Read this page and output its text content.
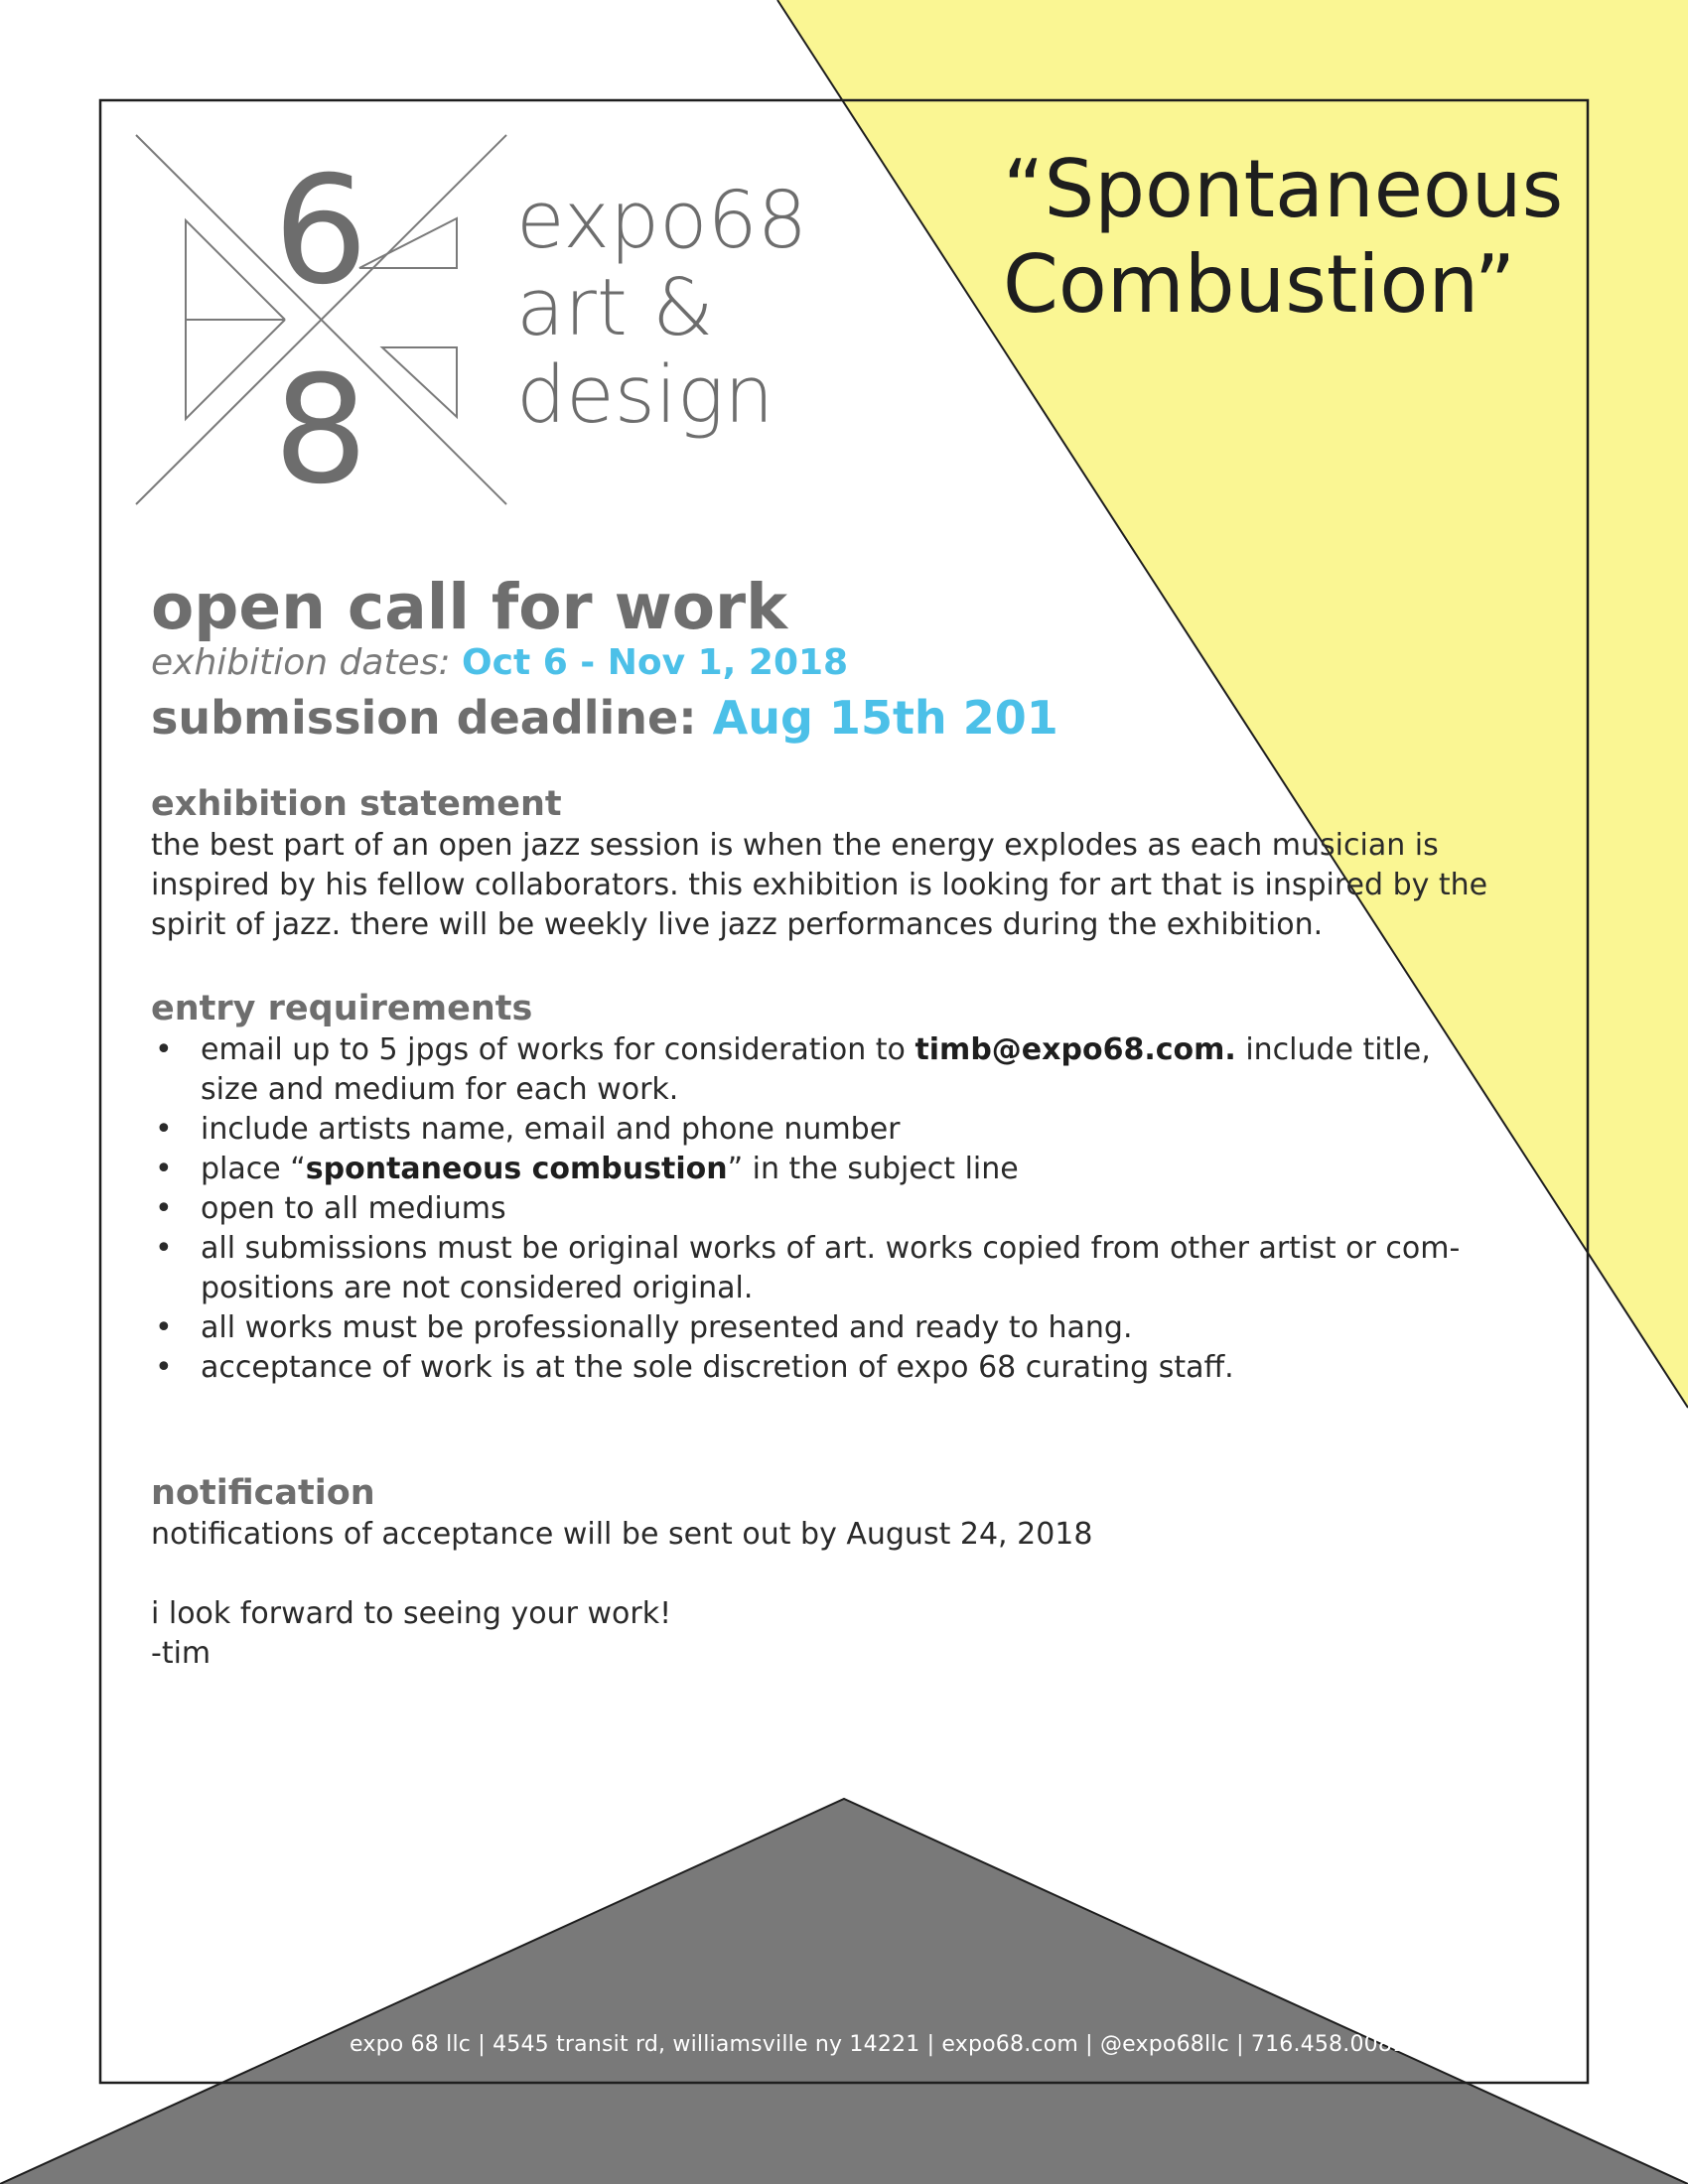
6
8
expo68
art &
design
“Spontaneous
Combustion”
open call for work
exhibition dates: Oct 6 - Nov 1, 2018
submission deadline: Aug 15th 201
exhibition statement

the best part of an open jazz session is when the energy explodes as each musician is

inspired by his fellow collaborators. this exhibition is looking for art that is inspired by the

spirit of jazz. there will be weekly live jazz performances during the exhibition.

entry requirements
• email up to 5 jpgs of works for consideration to timb@expo68.com. include title,
size and medium for each work.
• include artists name, email and phone number
• place “spontaneous combustion” in the subject line
• open to all mediums
• all submissions must be original works of art. works copied from other artist or com-
positions are not considered original.
• all works must be professionally presented and ready to hang.
• acceptance of work is at the sole discretion of expo 68 curating staff.
notification

notifications of acceptance will be sent out by August 24, 2018

i look forward to seeing your work!

-tim

expo 68 llc | 4545 transit rd, williamsville ny 14221 | expo68.com | @expo68llc | 716.458.0081
